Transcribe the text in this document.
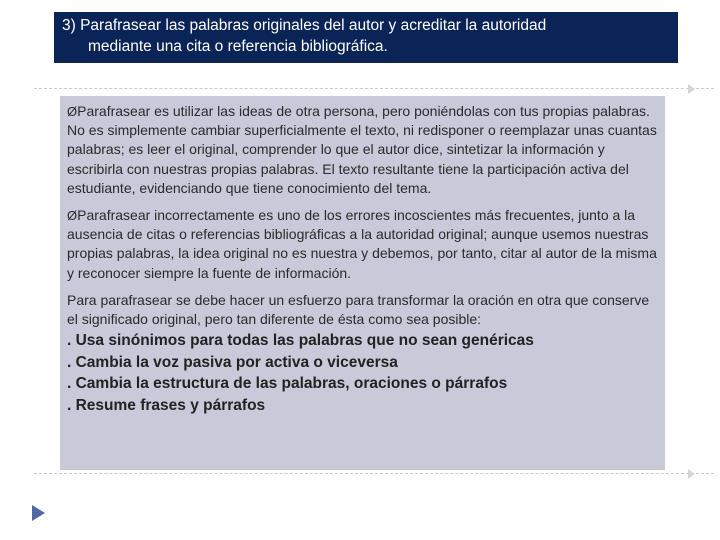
3) Parafrasear las palabras originales del autor y acreditar la autoridad
mediante una cita o referencia bibliográfica.

ØParafrasear es utilizar las ideas de otra persona, pero poniéndolas con tus propias palabras. No es simplemente cambiar superficialmente el texto, ni redisponer o reemplazar unas cuantas palabras; es leer el original, comprender lo que el autor dice, sintetizar la información y escribirla con nuestras propias palabras. El texto resultante tiene la participación activa del estudiante, evidenciando que tiene conocimiento del tema.

ØParafrasear incorrectamente es uno de los errores incoscientes más frecuentes, junto a la ausencia de citas o referencias bibliográficas a la autoridad original; aunque usemos nuestras propias palabras, la idea original no es nuestra y debemos, por tanto, citar al autor de la misma y reconocer siempre la fuente de información.

Para parafrasear se debe hacer un esfuerzo para transformar la oración en otra que conserve el significado original, pero tan diferente de ésta como sea posible:

. Usa sinónimos para todas las palabras que no sean genéricas
. Cambia la voz pasiva por activa o viceversa
. Cambia la estructura de las palabras, oraciones o párrafos
. Resume frases y párrafos
